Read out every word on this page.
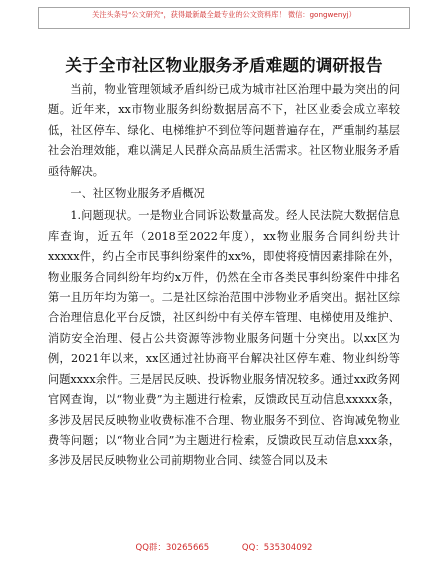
关注头条号"公文研究"，获得最新最全最专业的公文资料库！ 微信：gongwenyj）
关于全市社区物业服务矛盾难题的调研报告

当前，物业管理领域矛盾纠纷已成为城市社区治理中最为突出的问题。近年来，xx市物业服务纠纷数据居高不下，社区业委会成立率较低，社区停车、绿化、电梯维护不到位等问题普遍存在，严重制约基层社会治理效能，难以满足人民群众高品质生活需求。社区物业服务矛盾亟待解决。

一、社区物业服务矛盾概况

1.问题现状。一是物业合同诉讼数量高发。经人民法院大数据信息库查询，近五年（2018至2022年度），xx物业服务合同纠纷共计xxxxx件，约占全市民事纠纷案件的xx%，即使将疫情因素排除在外，物业服务合同纠纷年均约x万件，仍然在全市各类民事纠纷案件中排名第一且历年均为第一。二是社区综治范围中涉物业矛盾突出。据社区综合治理信息化平台反馈，社区纠纷中有关停车管理、电梯使用及维护、消防安全治理、侵占公共资源等涉物业服务问题十分突出。以xx区为例，2021年以来，xx区通过社协商平台解决社区停车难、物业纠纷等问题xxxx余件。三是居民反映、投诉物业服务情况较多。通过xx政务网官网查询，以“物业费”为主题进行检索，反馈政民互动信息xxxxx条，多涉及居民反映物业收费标准不合理、物业服务不到位、咨询减免物业费等问题；以“物业合同”为主题进行检索，反馈政民互动信息xxx条，多涉及居民反映物业公司前期物业合同、续签合同以及未

QQ群：30265665	QQ：535304092
